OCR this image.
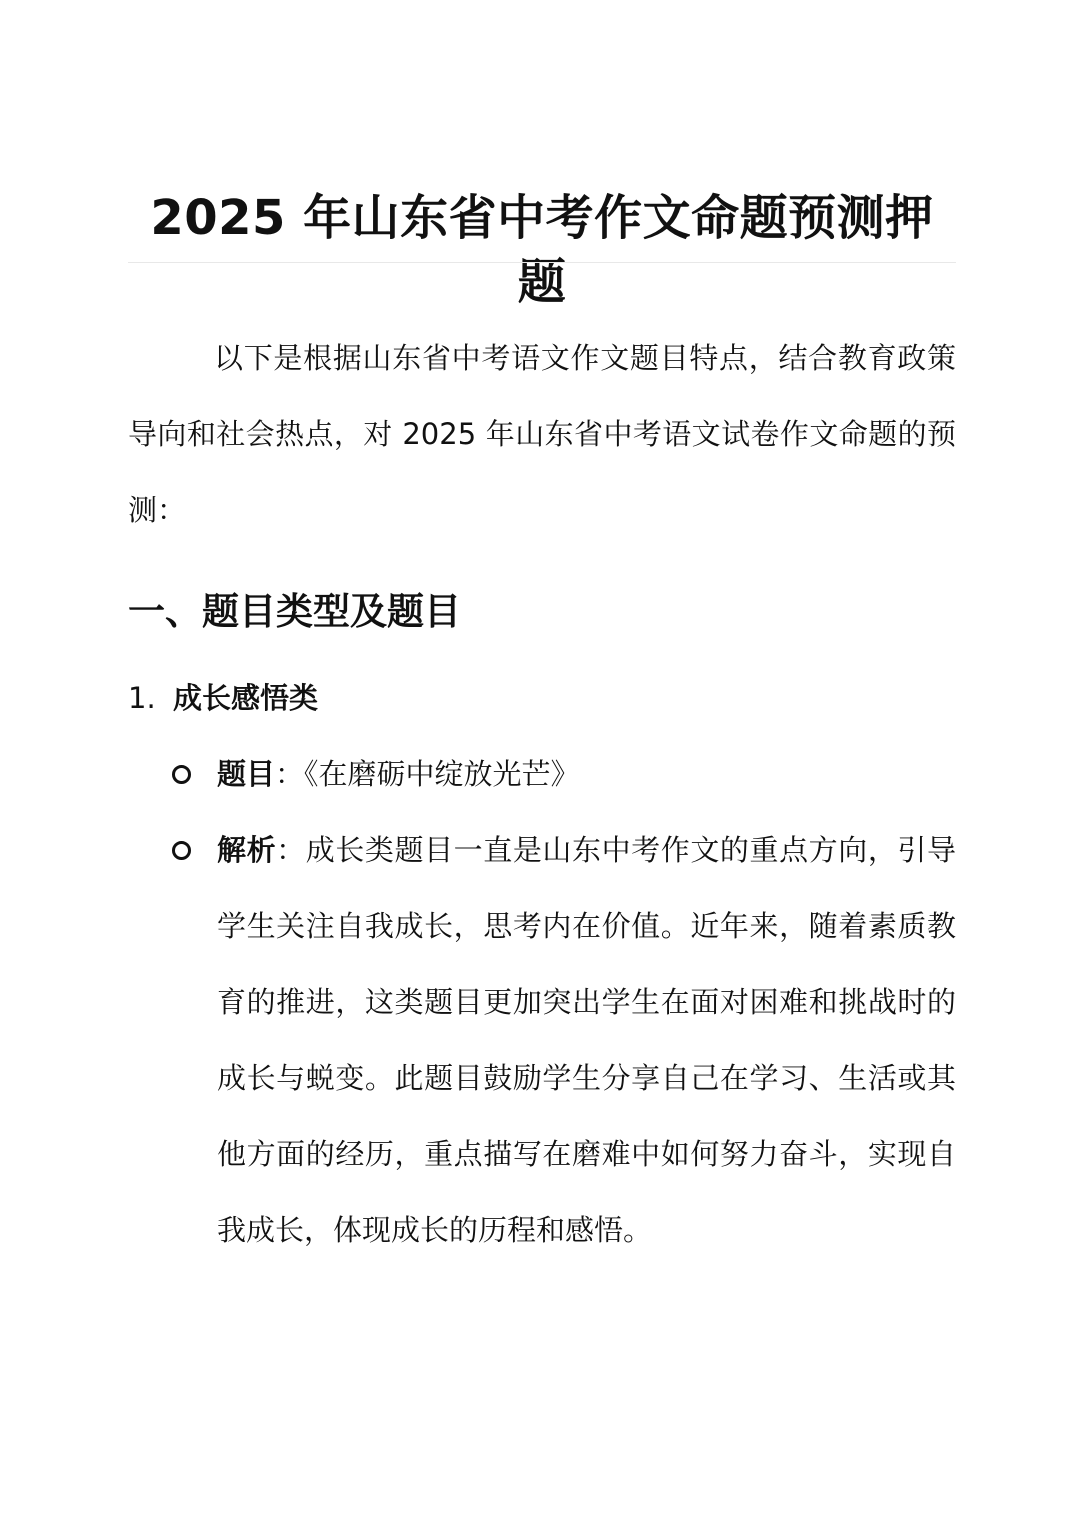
2025 年山东省中考作文命题预测押题

以下是根据山东省中考语文作文题目特点，结合教育政策导向和社会热点，对 2025 年山东省中考语文试卷作文命题的预测：

一、题目类型及题目
1. 成长感悟类

题目：《在磨砺中绽放光芒》

解析：成长类题目一直是山东中考作文的重点方向，引导学生关注自我成长，思考内在价值。近年来，随着素质教育的推进，这类题目更加突出学生在面对困难和挑战时的成长与蜕变。此题目鼓励学生分享自己在学习、生活或其他方面的经历，重点描写在磨难中如何努力奋斗，实现自我成长，体现成长的历程和感悟。
